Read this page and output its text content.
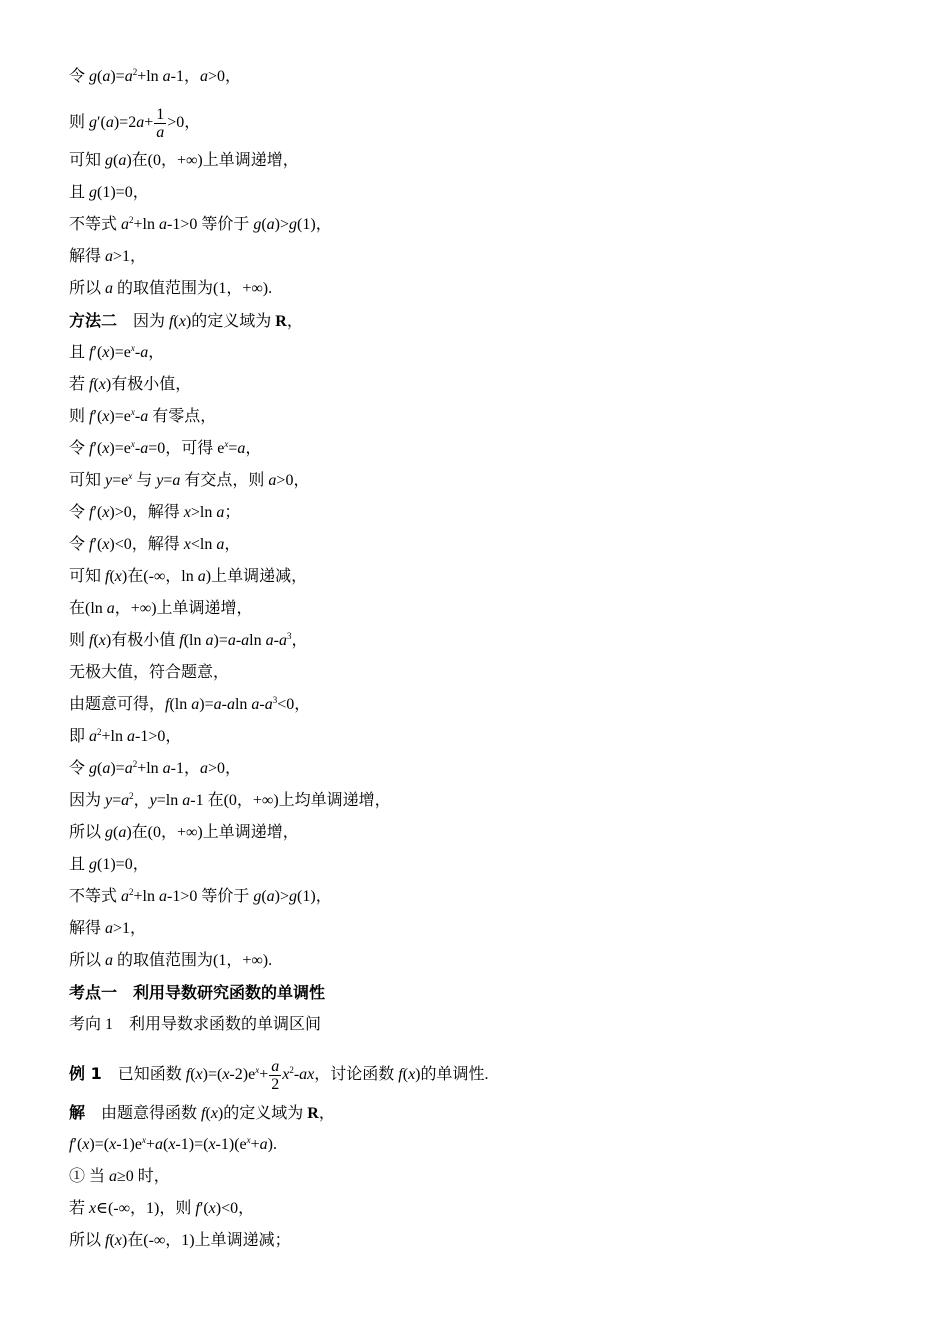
令 $g(a)=a^2+\ln$ a-1，a>0，
则 $g'(a)=2a+ \frac{1}{a} >0$，
可知 g(a)在(0，+∞)上单调递增，
且 g(1)=0，
不等式 $a^2+\ln$ a-1>0 等价于 g(a)>g(1)，
解得 a>1，
所以 a 的取值范围为(1，+∞).
方法二 因为 f(x)的定义域为 R，
且 $f'(x)=e^x-a$，
若 f(x)有极小值，
则 $f'(x)=e^x-a$ 有零点，
令 $f'(x)=e^x-a=0$，可得 $e^x=a$，
可知 $y=e^x$ 与 y=a 有交点，则 a>0，
令 f′(x)>0，解得 x>ln a；
令 f′(x)<0，解得 x<ln a，
可知 f(x)在(-∞，ln a)上单调递减，
在(ln a，+∞)上单调递增，
则 f(x)有极小值 f(ln a)=a-aln $a-a^3$，
无极大值，符合题意，
由题意可得，f(ln a)=a-aln $a-a^3<0$，
即 $a^2+\ln$ a-1>0，
令 $g(a)=a^2+\ln$ a-1，a>0，
因为 $y=a^2$，y=ln a-1 在(0，+∞)上均单调递增，
所以 g(a)在(0，+∞)上单调递增，
且 g(1)=0，
不等式 $a^2+\ln$ a-1>0 等价于 g(a)>g(1)，
解得 a>1，
所以 a 的取值范围为(1，+∞).
考点一　利用导数研究函数的单调性
考向 1　利用导数求函数的单调区间
例 1 已知函数 $f(x)=(x-2)e^x+ \frac{a}{2} x^2-ax$，讨论函数 f(x)的单调性.
解 由题意得函数 f(x)的定义域为 R，
$f'(x)=(x-1)e^x+a(x-1)=(x-1)(e^x+a)$.
① 当 a≥0 时，
若 x∈(-∞，1)，则 f′(x)<0，
所以 f(x)在(-∞，1)上单调递减；
